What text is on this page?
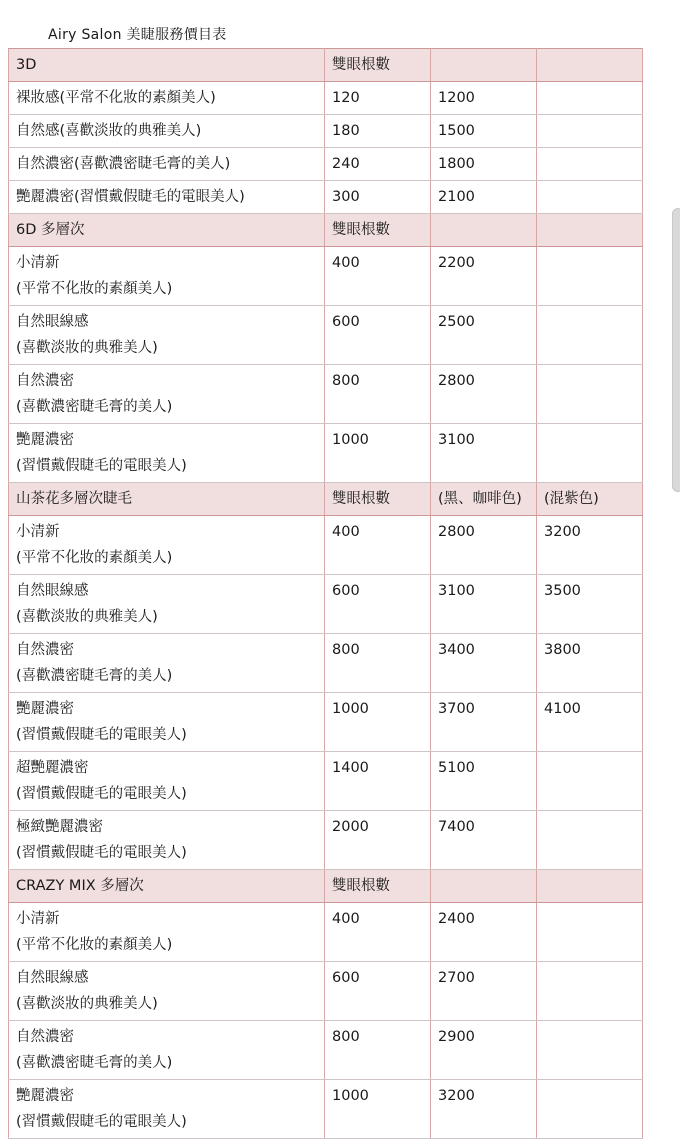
Airy Salon 美睫服務價目表
3D	雙眼根數		

裸妝感(平常不化妝的素顏美人)	120	1200	

自然感(喜歡淡妝的典雅美人)	180	1500	

自然濃密(喜歡濃密睫毛膏的美人)	240	1800	

艷麗濃密(習慣戴假睫毛的電眼美人)	300	2100	
6D 多層次	雙眼根數		

小清新
(平常不化妝的素顏美人)	400	2200	

自然眼線感
(喜歡淡妝的典雅美人)	600	2500	

自然濃密
(喜歡濃密睫毛膏的美人)	800	2800	

艷麗濃密
(習慣戴假睫毛的電眼美人)	1000	3100	
山茶花多層次睫毛	雙眼根數	(黑、咖啡色)	(混紫色)

小清新
(平常不化妝的素顏美人)	400	2800	3200

自然眼線感
(喜歡淡妝的典雅美人)	600	3100	3500

自然濃密
(喜歡濃密睫毛膏的美人)	800	3400	3800

艷麗濃密
(習慣戴假睫毛的電眼美人)	1000	3700	4100

超艷麗濃密
(習慣戴假睫毛的電眼美人)	1400	5100	

極緻艷麗濃密
(習慣戴假睫毛的電眼美人)	2000	7400	
CRAZY MIX 多層次	雙眼根數		

小清新
(平常不化妝的素顏美人)	400	2400	

自然眼線感
(喜歡淡妝的典雅美人)	600	2700	

自然濃密
(喜歡濃密睫毛膏的美人)	800	2900	

艷麗濃密
(習慣戴假睫毛的電眼美人)	1000	3200	
